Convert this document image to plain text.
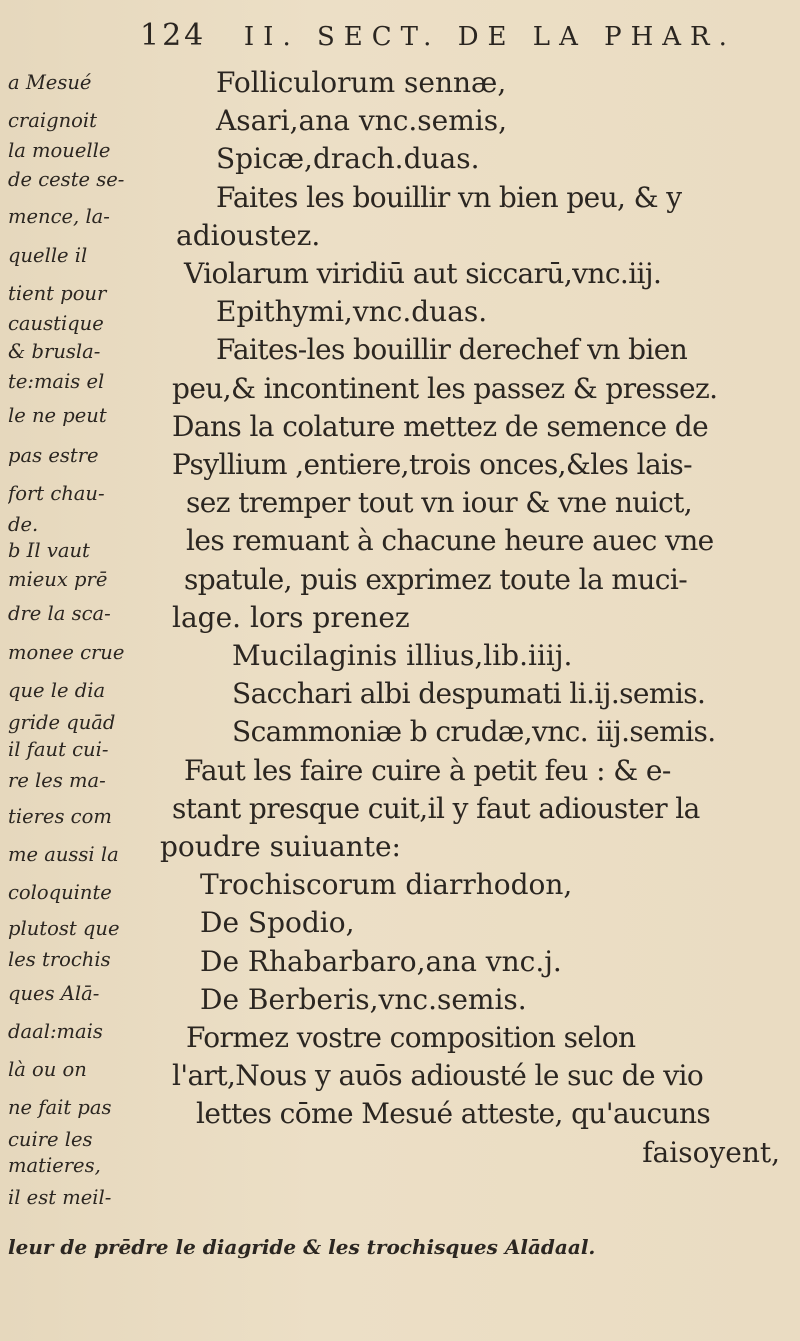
124 II. SECT. DE LA PHAR.
a Mesué
craignoit
la mouelle
de ceste se-
mence, la-
quelle il
tient pour
caustique
& brusla-
te:mais el
le ne peut
pas estre
fort chau-
de.
b Il vaut
mieux prē
dre la sca-
monee crue
que le dia
gride quād
il faut cui-
re les ma-
tieres com
me aussi la
coloquinte
plutost que
les trochis
ques Alā-
daal:mais
là ou on
ne fait pas
cuire les
matieres,
il est meil-
Folliculorum sennæ,
Asari,ana vnc.semis,
Spicæ,drach.duas.
Faites les bouillir vn bien peu, & y
adioustez.
Violarum viridiū aut siccarū,vnc.iij.
Epithymi,vnc.duas.
Faites-les bouillir derechef vn bien
peu,& incontinent les passez & pressez.
Dans la colature mettez de semence de
Psyllium ,entiere,trois onces,&les lais-
sez tremper tout vn iour & vne nuict,
les remuant à chacune heure auec vne
spatule, puis exprimez toute la muci-
lage. lors prenez
Mucilaginis illius,lib.iiij.
Sacchari albi despumati li.ij.semis.
Scammoniæ b crudæ,vnc. iij.semis.
Faut les faire cuire à petit feu : & e-
stant presque cuit,il y faut adiouster la
poudre suiuante:
Trochiscorum diarrhodon,
De Spodio,
De Rhabarbaro,ana vnc.j.
De Berberis,vnc.semis.
Formez vostre composition selon
l'art,Nous y auōs adiousté le suc de vio
lettes cōme Mesué atteste, qu'aucuns
faisoyent,
leur de prēdre le diagride & les trochisques Alādaal.
